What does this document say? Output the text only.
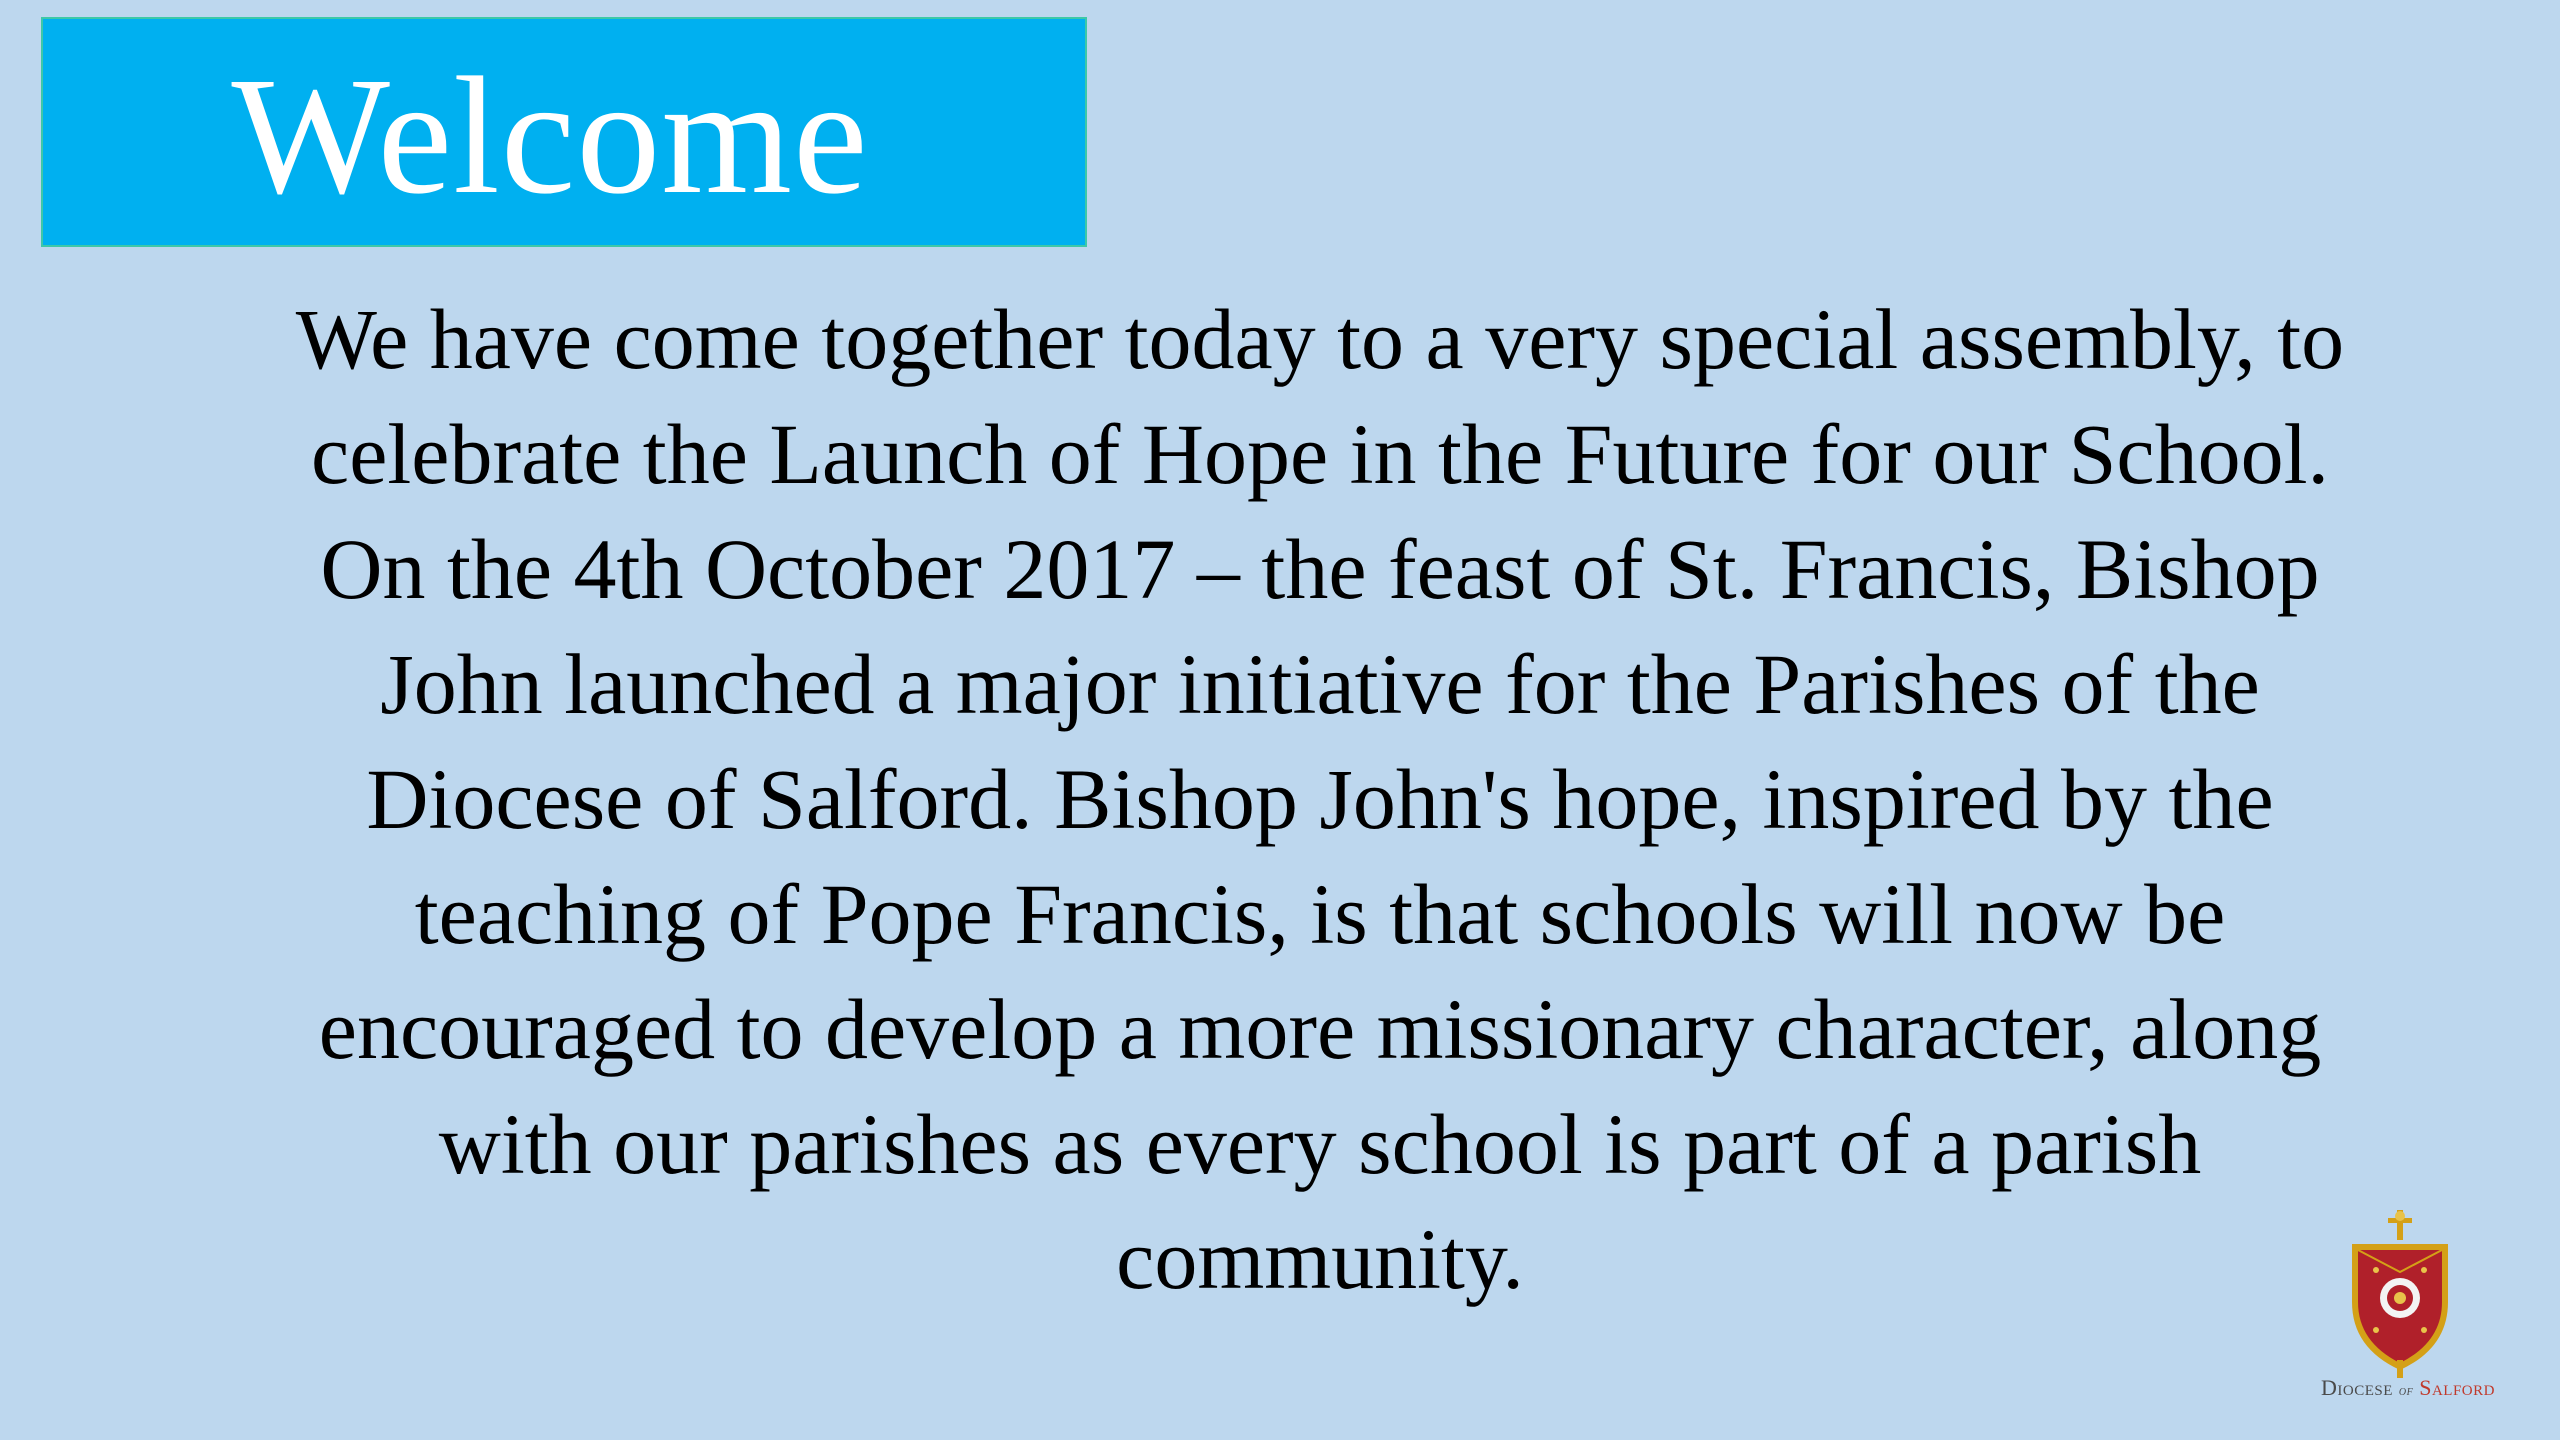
Welcome

We have come together today to a very special assembly, to
celebrate the Launch of Hope in the Future for our School.
On the 4th October 2017 – the feast of St. Francis, Bishop
John launched a major initiative for the Parishes of the
Diocese of Salford. Bishop John's hope, inspired by the
teaching of Pope Francis, is that schools will now be
encouraged to develop a more missionary character, along
with our parishes as every school is part of a parish
community.

Diocese of Salford
